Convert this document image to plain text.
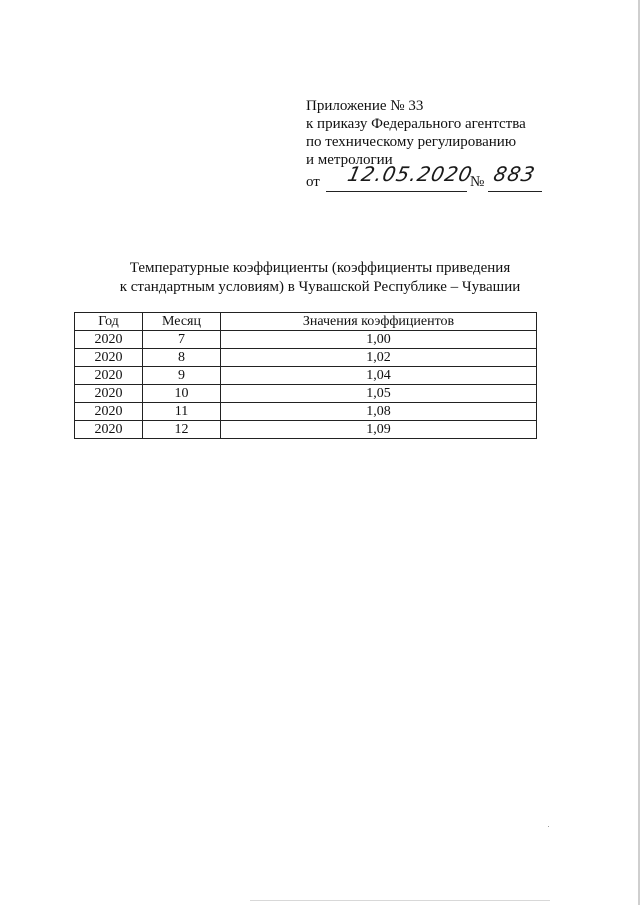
Приложение № 33
к приказу Федерального агентства
по техническому регулированию
и метрологии
от 12.05.2020
№ 883
Температурные коэффициенты (коэффициенты приведения
к стандартным условиям) в Чувашской Республике – Чувашии
Год	Месяц	Значения коэффициентов
2020	7	1,00
2020	8	1,02
2020	9	1,04
2020	10	1,05
2020	11	1,08
2020	12	1,09
